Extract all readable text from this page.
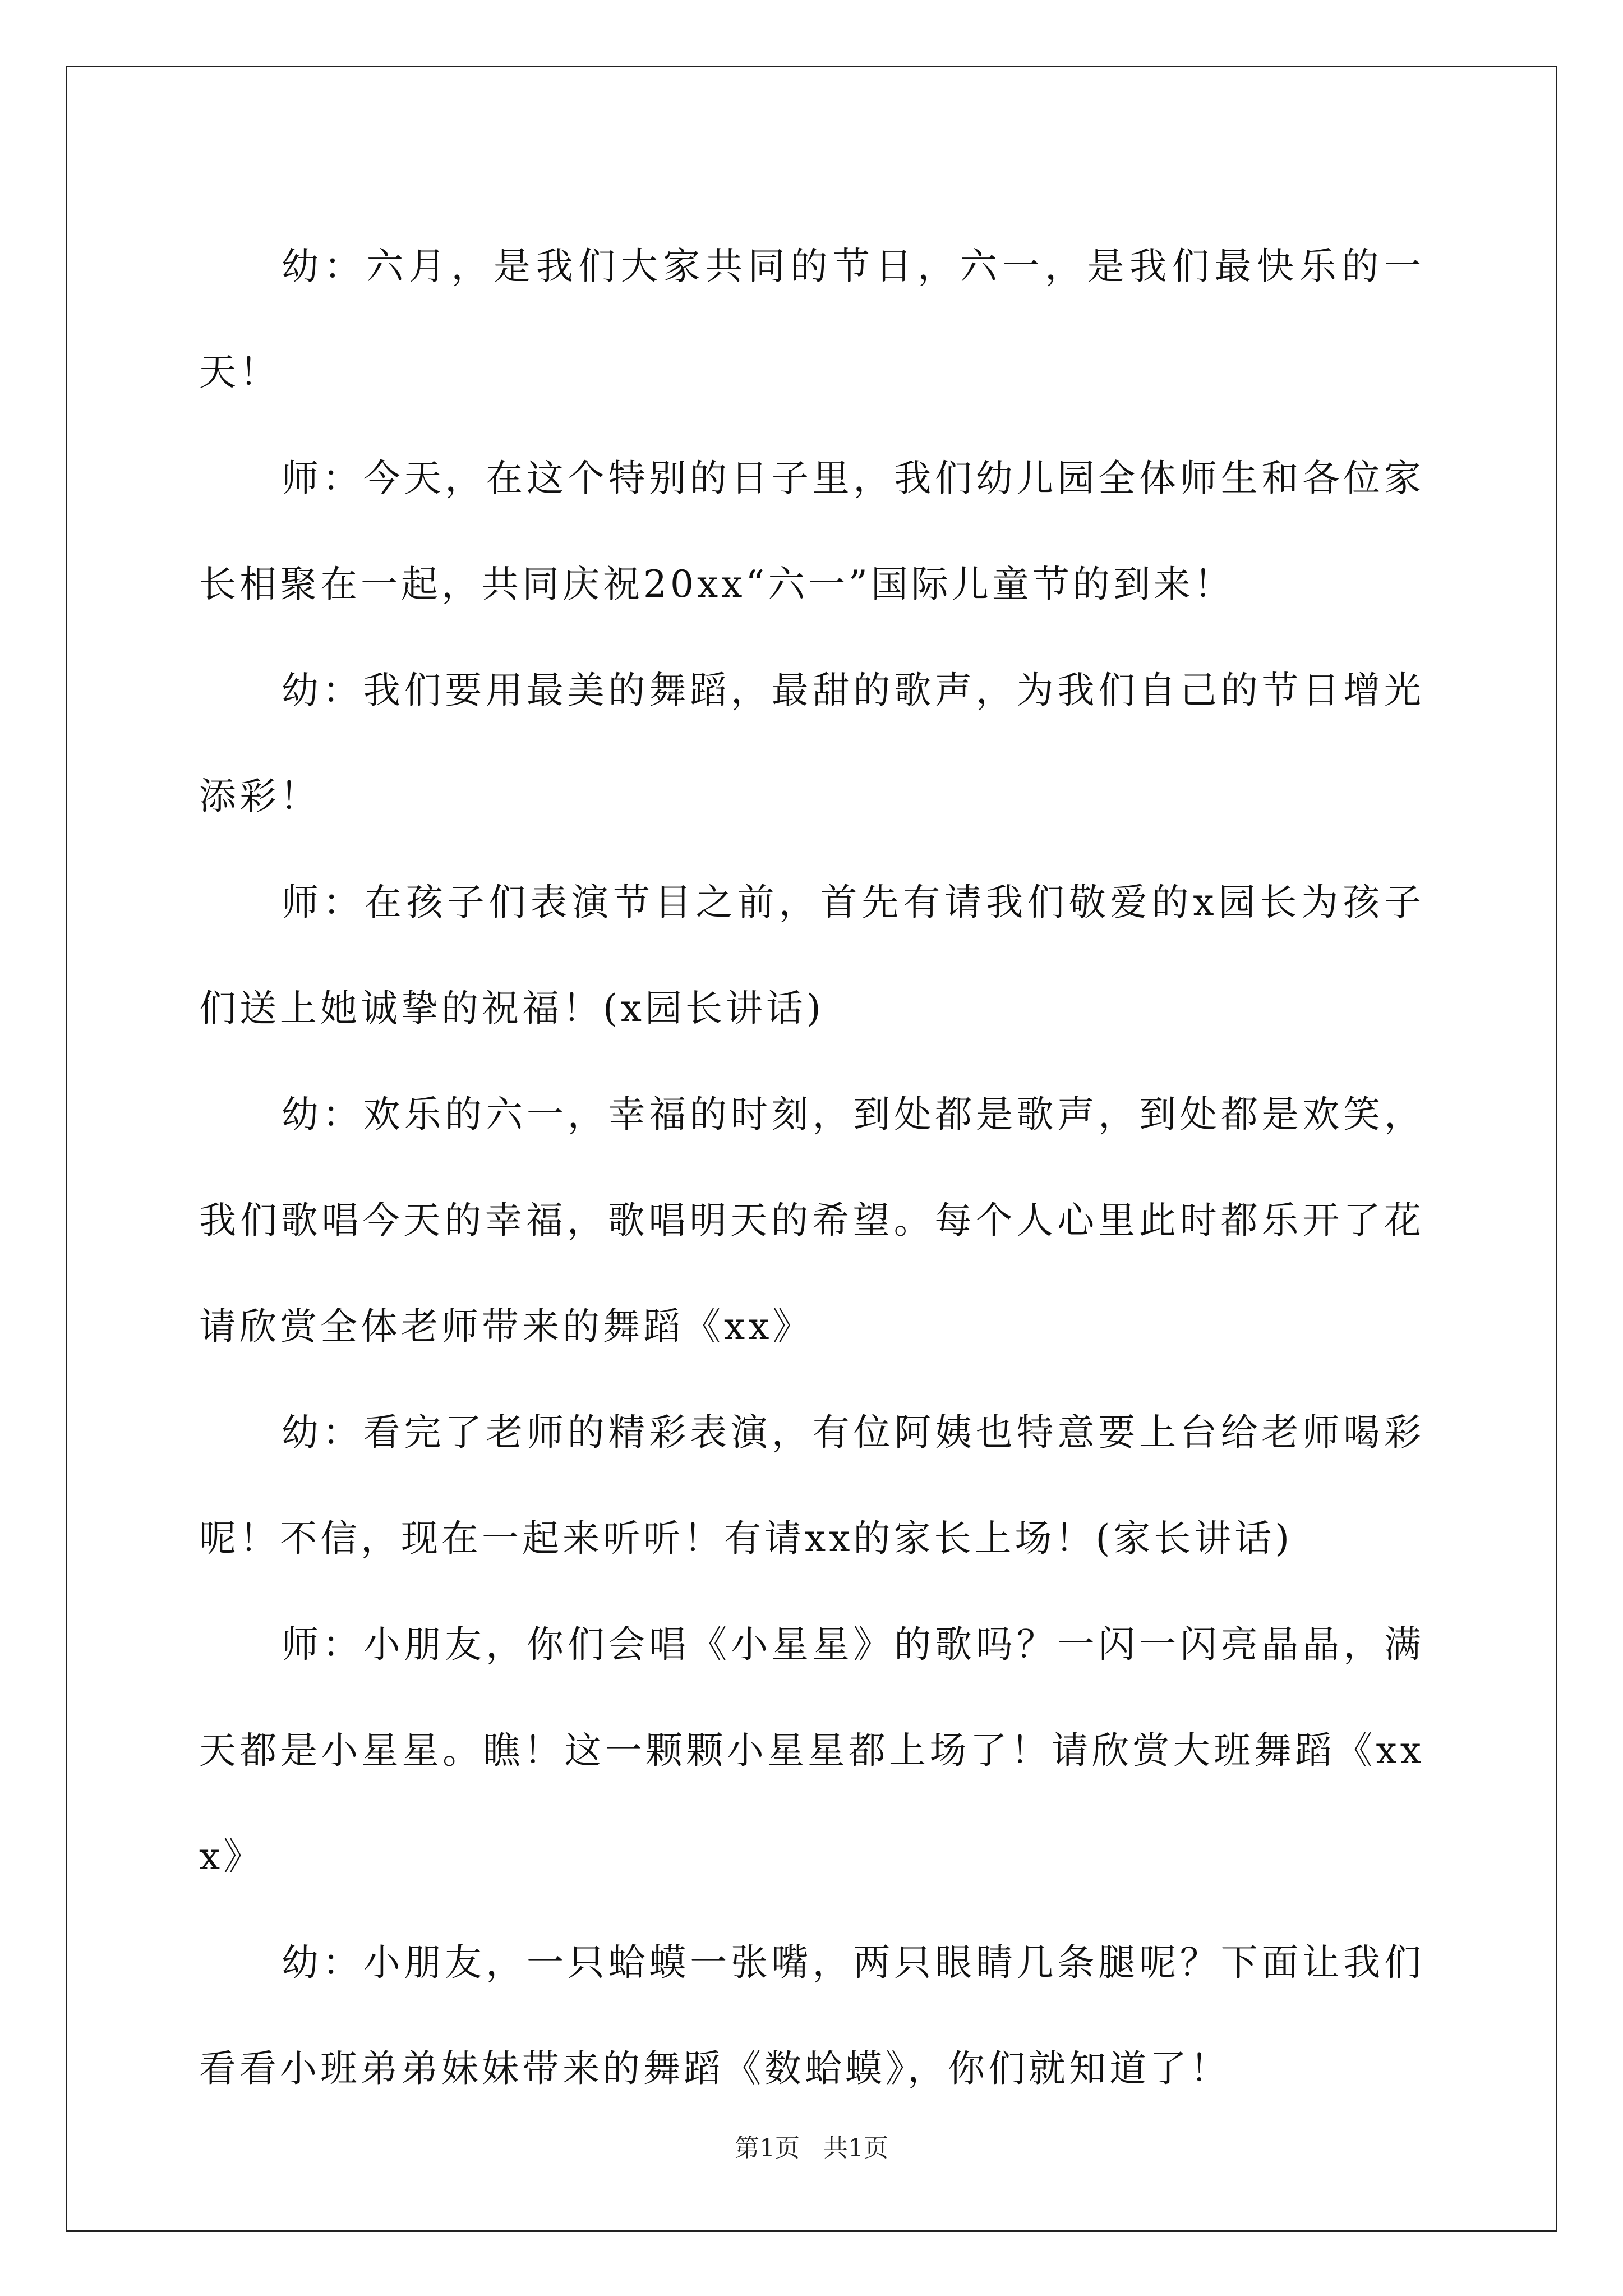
幼：六月，是我们大家共同的节日，六一，是我们最快乐的一天！

师：今天，在这个特别的日子里，我们幼儿园全体师生和各位家长相聚在一起，共同庆祝20xx“六一”国际儿童节的到来！

幼：我们要用最美的舞蹈，最甜的歌声，为我们自己的节日增光添彩！

师：在孩子们表演节目之前，首先有请我们敬爱的x园长为孩子们送上她诚挚的祝福！(x园长讲话)

幼：欢乐的六一，幸福的时刻，到处都是歌声，到处都是欢笑，我们歌唱今天的幸福，歌唱明天的希望。每个人心里此时都乐开了花请欣赏全体老师带来的舞蹈《xx》

幼：看完了老师的精彩表演，有位阿姨也特意要上台给老师喝彩呢！不信，现在一起来听听！有请xx的家长上场！(家长讲话)

师：小朋友，你们会唱《小星星》的歌吗？一闪一闪亮晶晶，满天都是小星星。瞧！这一颗颗小星星都上场了！请欣赏大班舞蹈《xxx》

幼：小朋友，一只蛤蟆一张嘴，两只眼睛几条腿呢？下面让我们看看小班弟弟妹妹带来的舞蹈《数蛤蟆》，你们就知道了！

第1页 共1页
